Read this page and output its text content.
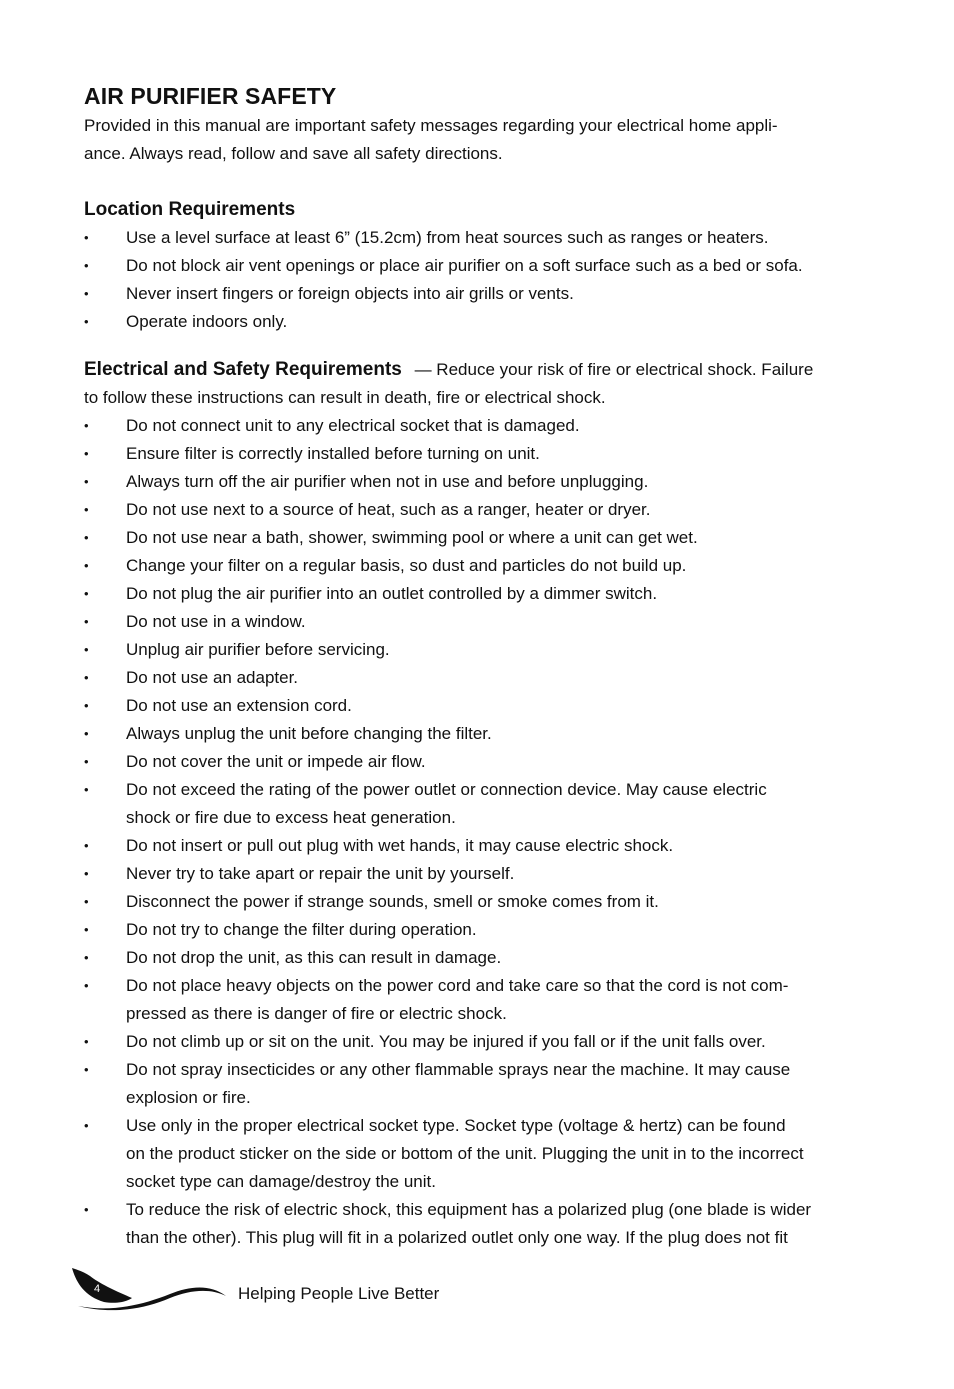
AIR PURIFIER SAFETY
Provided in this manual are important safety messages regarding your electrical home appli-
ance. Always read, follow and save all safety directions.
Location Requirements
•	Use a level surface at least 6” (15.2cm) from heat sources such as ranges or heaters.
•	Do not block air vent openings or place air purifier on a soft surface such as a bed or sofa.
•	Never insert fingers or foreign objects into air grills or vents.
•	Operate indoors only.
Electrical and Safety Requirements — Reduce your risk of fire or electrical shock. Failure
to follow these instructions can result in death, fire or electrical shock.
•	Do not connect unit to any electrical socket that is damaged.
•	Ensure filter is correctly installed before turning on unit.
•	Always turn off the air purifier when not in use and before unplugging.
•	Do not use next to a source of heat, such as a ranger, heater or dryer.
•	Do not use near a bath, shower, swimming pool or where a unit can get wet.
•	Change your filter on a regular basis, so dust and particles do not build up.
•	Do not plug the air purifier into an outlet controlled by a dimmer switch.
•	Do not use in a window.
•	Unplug air purifier before servicing.
•	Do not use an adapter.
•	Do not use an extension cord.
•	Always unplug the unit before changing the filter.
•	Do not cover the unit or impede air flow.
•	Do not exceed the rating of the power outlet or connection device. May cause electric
shock or fire due to excess heat generation.
•	Do not insert or pull out plug with wet hands, it may cause electric shock.
•	Never try to take apart or repair the unit by yourself.
•	Disconnect the power if strange sounds, smell or smoke comes from it.
•	Do not try to change the filter during operation.
•	Do not drop the unit, as this can result in damage.
•	Do not place heavy objects on the power cord and take care so that the cord is not com-
pressed as there is danger of fire or electric shock.
•	Do not climb up or sit on the unit. You may be injured if you fall or if the unit falls over.
•	Do not spray insecticides or any other flammable sprays near the machine. It may cause
explosion or fire.
•	Use only in the proper electrical socket type. Socket type (voltage & hertz) can be found
on the product sticker on the side or bottom of the unit. Plugging the unit in to the incorrect
socket type can damage/destroy the unit.
•	To reduce the risk of electric shock, this equipment has a polarized plug (one blade is wider
than the other). This plug will fit in a polarized outlet only one way. If the plug does not fit
4	Helping People Live Better
